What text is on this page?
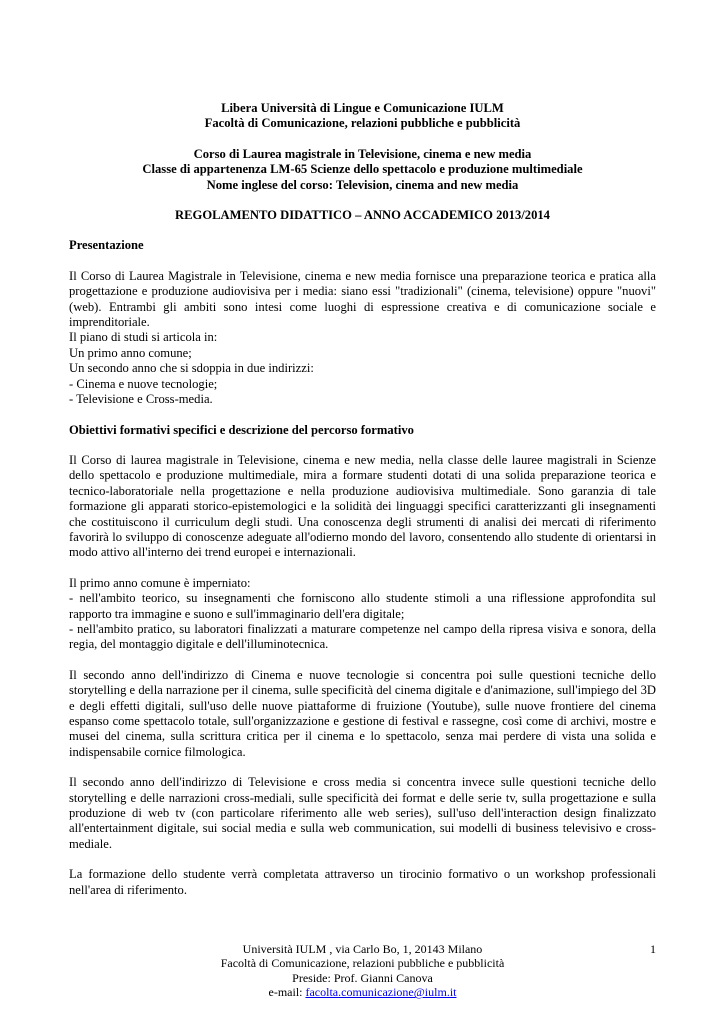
Libera Università di Lingue e Comunicazione IULM
Facoltà di Comunicazione, relazioni pubbliche e pubblicità
Corso di Laurea magistrale in Televisione, cinema e new media
Classe di appartenenza LM-65 Scienze dello spettacolo e produzione multimediale
Nome inglese del corso: Television, cinema and new media
REGOLAMENTO DIDATTICO – ANNO ACCADEMICO 2013/2014
Presentazione
Il Corso di Laurea Magistrale in Televisione, cinema e new media fornisce una preparazione teorica e pratica alla progettazione e produzione audiovisiva per i media: siano essi "tradizionali" (cinema, televisione) oppure "nuovi" (web). Entrambi gli ambiti sono intesi come luoghi di espressione creativa e di comunicazione sociale e imprenditoriale.
Il piano di studi si articola in:
Un primo anno comune;
Un secondo anno che si sdoppia in due indirizzi:
- Cinema e nuove tecnologie;
- Televisione e Cross-media.
Obiettivi formativi specifici e descrizione del percorso formativo
Il Corso di laurea magistrale in Televisione, cinema e new media, nella classe delle lauree magistrali in Scienze dello spettacolo e produzione multimediale, mira a formare studenti dotati di una solida preparazione teorica e tecnico-laboratoriale nella progettazione e nella produzione audiovisiva multimediale. Sono garanzia di tale formazione gli apparati storico-epistemologici e la solidità dei linguaggi specifici caratterizzanti gli insegnamenti che costituiscono il curriculum degli studi. Una conoscenza degli strumenti di analisi dei mercati di riferimento favorirà lo sviluppo di conoscenze adeguate all'odierno mondo del lavoro, consentendo allo studente di orientarsi in modo attivo all'interno dei trend europei e internazionali.
Il primo anno comune è imperniato:
- nell'ambito teorico, su insegnamenti che forniscono allo studente stimoli a una riflessione approfondita sul rapporto tra immagine e suono e sull'immaginario dell'era digitale;
- nell'ambito pratico, su laboratori finalizzati a maturare competenze nel campo della ripresa visiva e sonora, della regia, del montaggio digitale e dell'illuminotecnica.
Il secondo anno dell'indirizzo di Cinema e nuove tecnologie si concentra poi sulle questioni tecniche dello storytelling e della narrazione per il cinema, sulle specificità del cinema digitale e d'animazione, sull'impiego del 3D e degli effetti digitali, sull'uso delle nuove piattaforme di fruizione (Youtube), sulle nuove frontiere del cinema espanso come spettacolo totale, sull'organizzazione e gestione di festival e rassegne, così come di archivi, mostre e musei del cinema, sulla scrittura critica per il cinema e lo spettacolo, senza mai perdere di vista una solida e indispensabile cornice filmologica.
Il secondo anno dell'indirizzo di Televisione e cross media si concentra invece sulle questioni tecniche dello storytelling e delle narrazioni cross-mediali, sulle specificità dei format e delle serie tv, sulla progettazione e sulla produzione di web tv (con particolare riferimento alle web series), sull'uso dell'interaction design finalizzato all'entertainment digitale, sui social media e sulla web communication, sui modelli di business televisivo e cross-mediale.
La formazione dello studente verrà completata attraverso un tirocinio formativo o un workshop professionali nell'area di riferimento.
1
Università IULM , via Carlo Bo, 1, 20143 Milano
Facoltà di Comunicazione, relazioni pubbliche e pubblicità
Preside: Prof. Gianni Canova
e-mail: facolta.comunicazione@iulm.it
